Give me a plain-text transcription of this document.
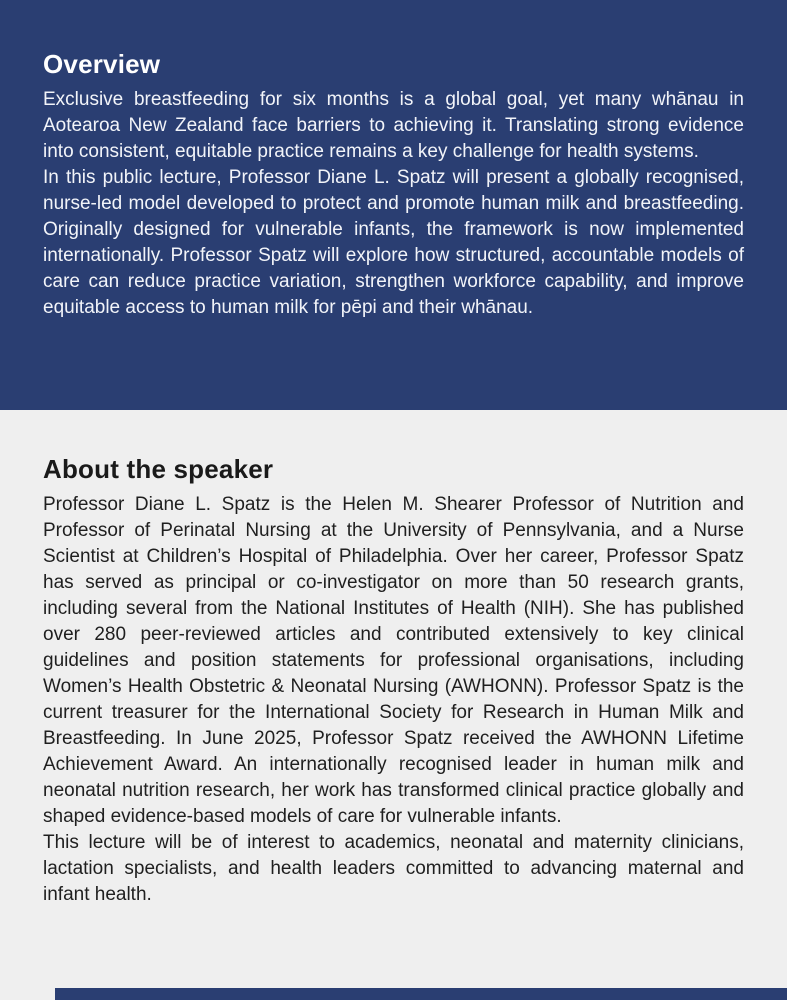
Overview

Exclusive breastfeeding for six months is a global goal, yet many whānau in Aotearoa New Zealand face barriers to achieving it. Translating strong evidence into consistent, equitable practice remains a key challenge for health systems.

In this public lecture, Professor Diane L. Spatz will present a globally recognised, nurse-led model developed to protect and promote human milk and breastfeeding. Originally designed for vulnerable infants, the framework is now implemented internationally. Professor Spatz will explore how structured, accountable models of care can reduce practice variation, strengthen workforce capability, and improve equitable access to human milk for pēpi and their whānau.

About the speaker

Professor Diane L. Spatz is the Helen M. Shearer Professor of Nutrition and Professor of Perinatal Nursing at the University of Pennsylvania, and a Nurse Scientist at Children’s Hospital of Philadelphia. Over her career, Professor Spatz has served as principal or co-investigator on more than 50 research grants, including several from the National Institutes of Health (NIH). She has published over 280 peer-reviewed articles and contributed extensively to key clinical guidelines and position statements for professional organisations, including Women’s Health Obstetric & Neonatal Nursing (AWHONN). Professor Spatz is the current treasurer for the International Society for Research in Human Milk and Breastfeeding. In June 2025, Professor Spatz received the AWHONN Lifetime Achievement Award. An internationally recognised leader in human milk and neonatal nutrition research, her work has transformed clinical practice globally and shaped evidence-based models of care for vulnerable infants.

This lecture will be of interest to academics, neonatal and maternity clinicians, lactation specialists, and health leaders committed to advancing maternal and infant health.
